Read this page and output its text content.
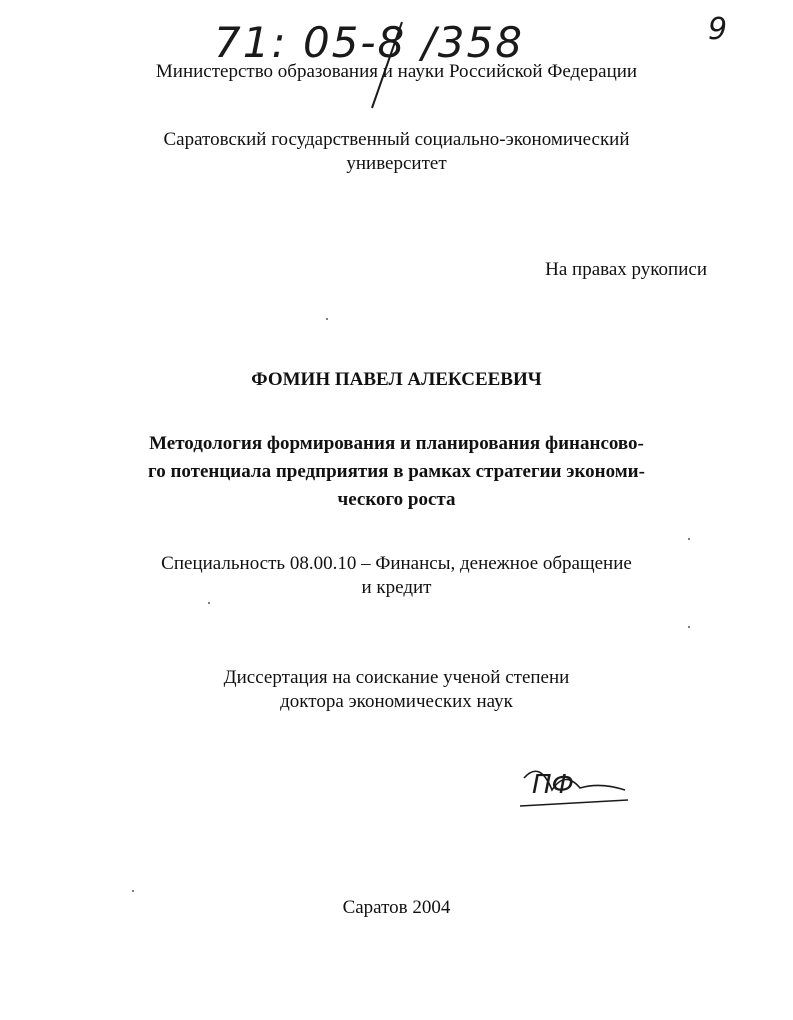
71: 05-8 /358	9
Министерство образования и науки Российской Федерации
Саратовский государственный социально-экономический
университет
На правах рукописи
ФОМИН ПАВЕЛ АЛЕКСЕЕВИЧ
Методология формирования и планирования финансово-
го потенциала предприятия в рамках стратегии экономи-
ческого роста
Специальность 08.00.10 – Финансы, денежное обращение
и кредит
Диссертация на соискание ученой степени
доктора экономических наук
ПФ
Саратов 2004
